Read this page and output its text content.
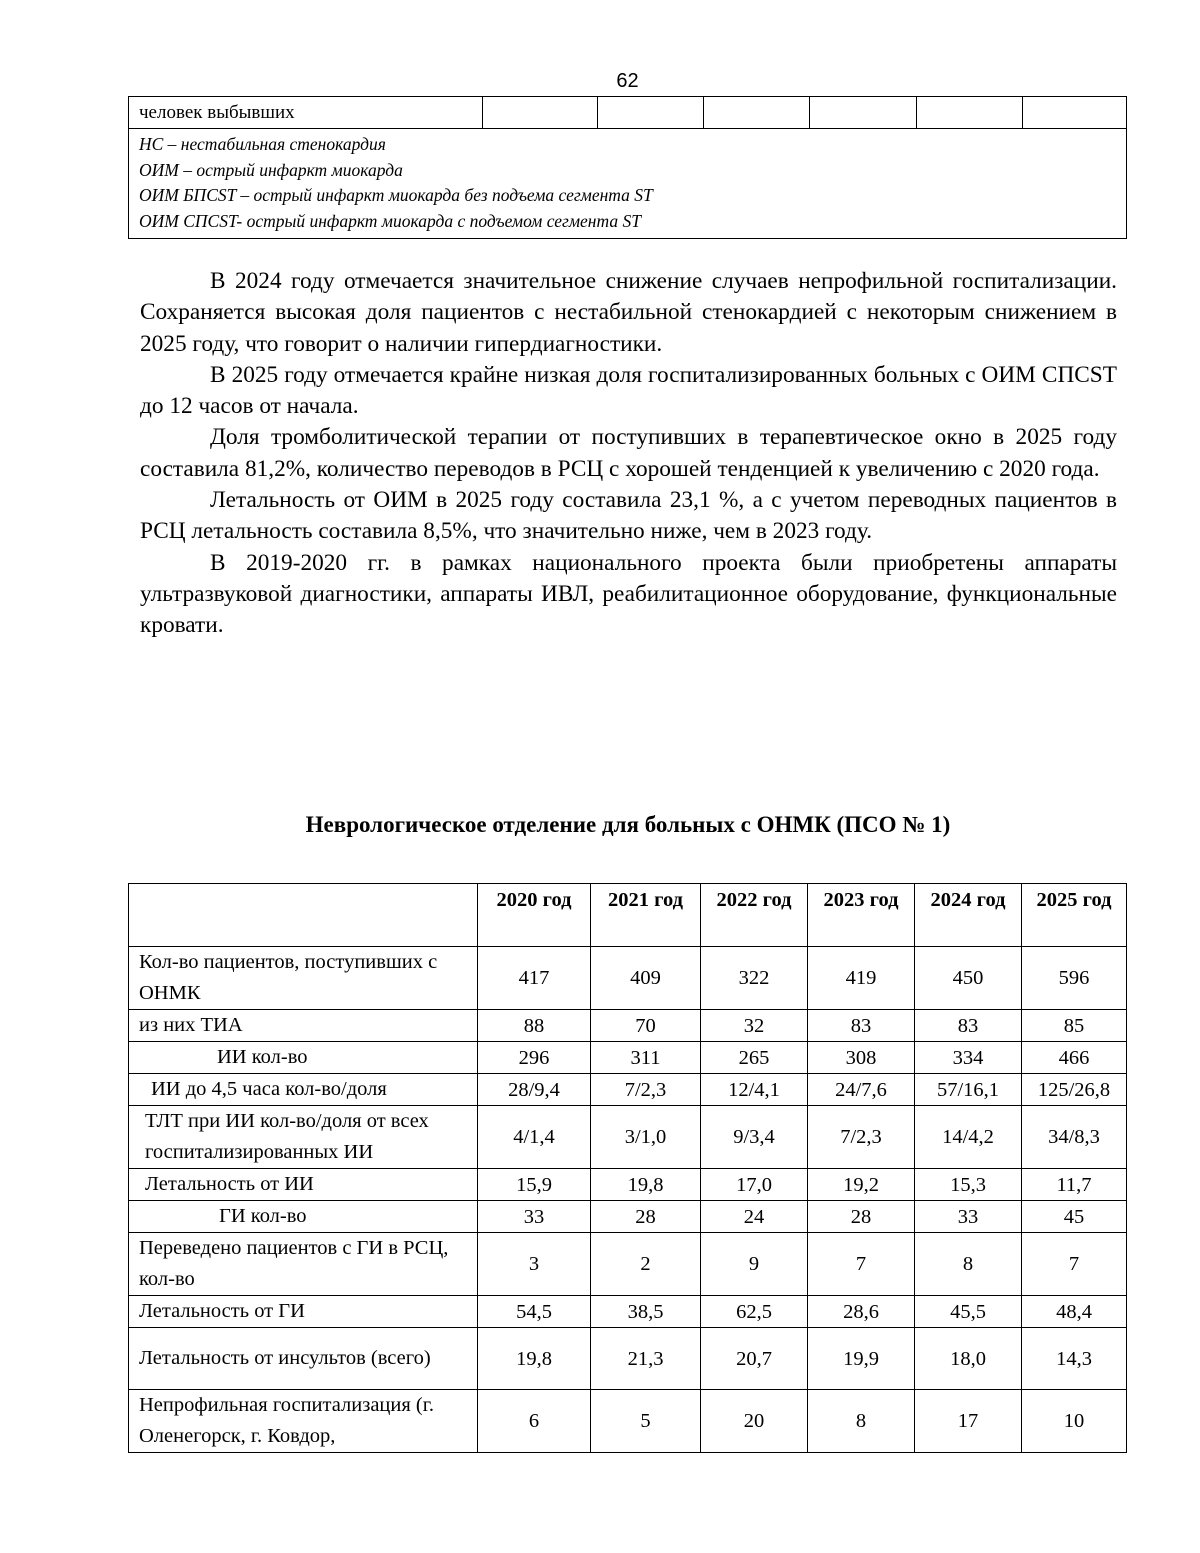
62
человек выбывших						

НС – нестабильная стенокардия
ОИМ – острый инфаркт миокарда
ОИМ БПСST – острый инфаркт миокарда без подъема сегмента ST
ОИМ СПСST- острый инфаркт миокарда с подъемом сегмента ST

В 2024 году отмечается значительное снижение случаев непрофильной госпитализации. Сохраняется высокая доля пациентов с нестабильной стенокардией с некоторым снижением в 2025 году, что говорит о наличии гипердиагностики.

В 2025 году отмечается крайне низкая доля госпитализированных больных с ОИМ СПСST до 12 часов от начала.

Доля тромболитической терапии от поступивших в терапевтическое окно в 2025 году составила 81,2%, количество переводов в РСЦ с хорошей тенденцией к увеличению с 2020 года.

Летальность от ОИМ в 2025 году составила 23,1 %, а с учетом переводных пациентов в РСЦ летальность составила 8,5%, что значительно ниже, чем в 2023 году.

В 2019-2020 гг. в рамках национального проекта были приобретены аппараты ультразвуковой диагностики, аппараты ИВЛ, реабилитационное оборудование, функциональные кровати.

Неврологическое отделение для больных с ОНМК (ПСО № 1)
	2020 год	2021 год	2022 год	2023 год	2024 год	2025 год
Кол-во пациентов, поступивших с ОНМК	417	409	322	419	450	596
из них ТИА	88	70	32	83	83	85
ИИ кол-во	296	311	265	308	334	466
ИИ до 4,5 часа кол-во/доля	28/9,4	7/2,3	12/4,1	24/7,6	57/16,1	125/26,8
ТЛТ при ИИ кол-во/доля от всех госпитализированных ИИ	4/1,4	3/1,0	9/3,4	7/2,3	14/4,2	34/8,3
Летальность от ИИ	15,9	19,8	17,0	19,2	15,3	11,7
ГИ кол-во	33	28	24	28	33	45
Переведено пациентов с ГИ в РСЦ, кол-во	3	2	9	7	8	7
Летальность от ГИ	54,5	38,5	62,5	28,6	45,5	48,4
Летальность от инсультов (всего)	19,8	21,3	20,7	19,9	18,0	14,3
Непрофильная госпитализация (г. Оленегорск, г. Ковдор,	6	5	20	8	17	10
